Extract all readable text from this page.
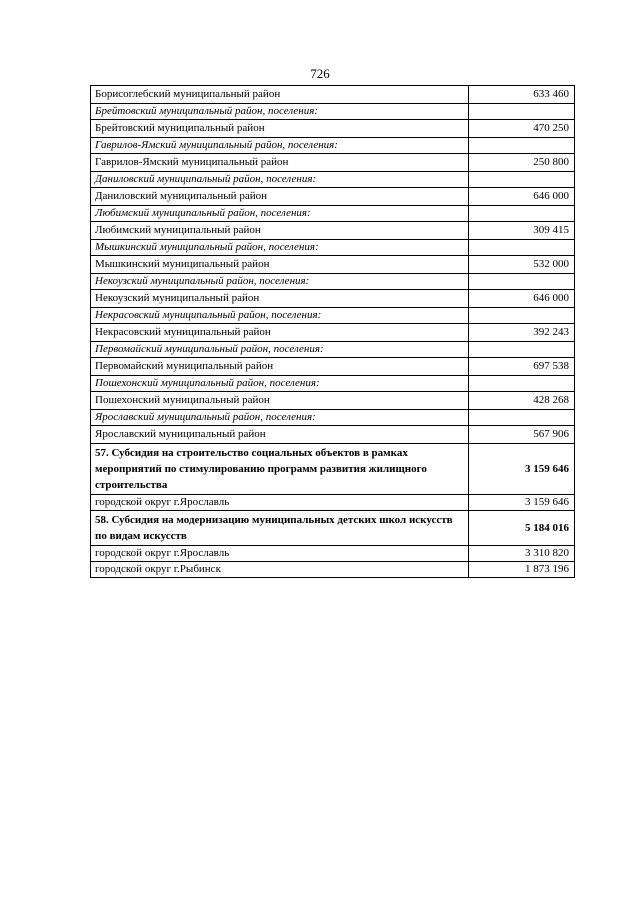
726
Борисоглебский муниципальный район	633 460
Брейтовский муниципальный район, поселения:	
Брейтовский муниципальный район	470 250
Гаврилов-Ямский муниципальный район, поселения:	
Гаврилов-Ямский муниципальный район	250 800
Даниловский муниципальный район, поселения:	
Даниловский муниципальный район	646 000
Любимский муниципальный район, поселения:	
Любимский муниципальный район	309 415
Мышкинский муниципальный район, поселения:	
Мышкинский муниципальный район	532 000
Некоузский муниципальный район, поселения:	
Некоузский муниципальный район	646 000
Некрасовский муниципальный район, поселения:	
Некрасовский муниципальный район	392 243
Первомайский муниципальный район, поселения:	
Первомайский муниципальный район	697 538
Пошехонский муниципальный район, поселения:	
Пошехонский муниципальный район	428 268
Ярославский муниципальный район, поселения:	
Ярославский муниципальный район	567 906
57. Субсидия на строительство социальных объектов в рамках мероприятий по стимулированию программ развития жилищного строительства	3 159 646
городской округ г.Ярославль	3 159 646
58. Субсидия на модернизацию муниципальных детских школ искусств по видам искусств	5 184 016
городской округ г.Ярославль	3 310 820
городской округ г.Рыбинск	1 873 196
